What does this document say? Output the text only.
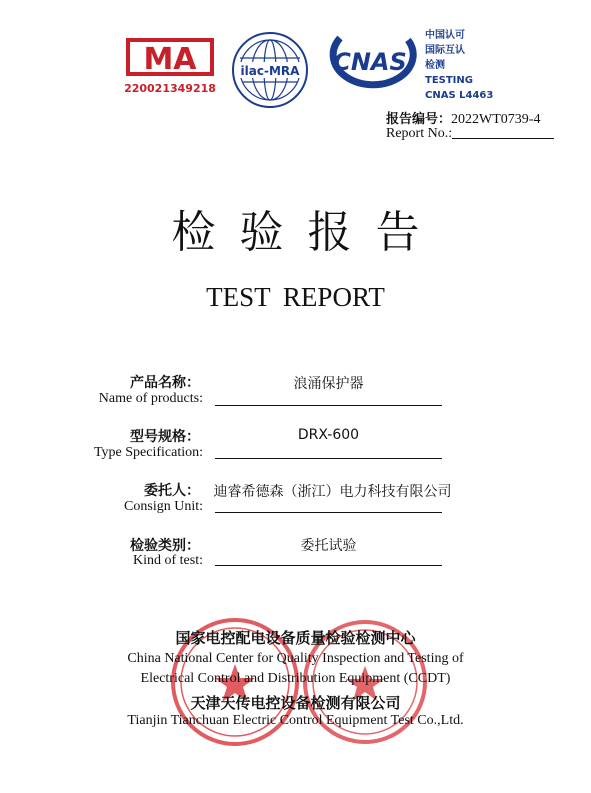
MA
220021349218
ilac-MRA CNAS
中国认可
国际互认
检测
TESTING
CNAS L4463
报告编号：2022WT0739-4
Report No.:
检验报告
TEST REPORT
产品名称：
Name of products:
浪涌保护器
型号规格：
Type Specification:
DRX-600
委托人：
Consign Unit:
迪睿希德森（浙江）电力科技有限公司
检验类别：
Kind of test:
委托试验
国家电控配电设备质量检验检测中心
China National Center for Quality Inspection and Testing of
Electrical Control and Distribution Equipment (CCDT)
天津天传电控设备检测有限公司
Tianjin Tianchuan Electric Control Equipment Test Co.,Ltd.
